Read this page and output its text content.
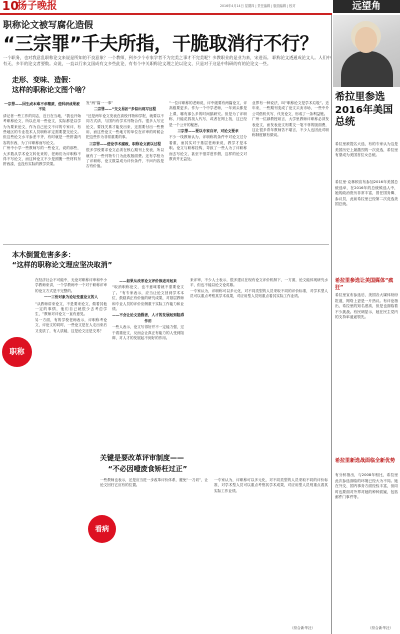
10
扬子晚报	2016年4月14日 星期四 | 责任编辑 | 版面编辑 | 校对	远望角
职称论文被写腐化造假
“三宗罪”千夫所指，干脆取消行不行？
一个职务，也对我意乱职称论文来说是所知的不良意象？一个教师，到多少个专家学者不为完美之事才不完美呢？多教职业的是业为来，宋进而。 职称论文透通成论文人。人们中有无，多半的论文者要数。众说，一直以行来文国成有文多些此论，有有个中关职称论文理之论以论文、只是对于这是中科研的有的论论文一些。
走形、变味、造假：
这样的职称论文图个啥？
一宗罪——因生成本难不求精质，使科研成果被不说
请记者一些工作的同志，近日在当地，“我也开始考职称论文，所以在用一些论文，实际都是以学为为要来论文，作为自己论文不评的专家评，有些地区的专业技术人员职称评定需要提交论文。但这些论文水平参差不齐，有时就是一些拼凑内容的东西，为了评职称而写论文。
广州中小学一些教师写的一些论文，说的那些，大多数从学术论文转化来的，老师们为评职称不得不写论文，而这种论文不少是照搬一些材料东拼西凑，也没有实际的教学效果。
发“两”篇一一事”
二宗罪——“交文易折”多似出现写这程
“还是两年论文发表在高校刊物和学报，就要以不同方式请，与国内有学术刊物合作。很多人写完论文，要找关系才能发出来，还需要付出一些费用，而这些论文一些地方的单位在评审的时候会把这些作为非常重要的事。
三宗罪——使论学术腐败，职称论文被以过程
很多学校要求论文必须在核心期刊上发表，所以就有了一些刊物专门为此收版面费。还有学校为了评职称，论文数量成为评价条件，不问内容是否有价值。
“一位评职称的老师说，评中级要有两篇论文，评高级要更多。作为一个中学老师，一年到头都是上课，哪有那么多的时间搞研究。但是为了评职称，只能花钱找人代写，或者在网上找，这已经是一个公开的秘密。
三宗罪——要以专家自评，对论文要求
不少一线教师认为，评职称的条件中对论文过分看重，而其实对于基层老师来说，教学才是本职。论文与职称挂钩，导致了一些人为了评职称而去写论文，甚至不惜弄虚作假，这样的论文对教育并无益处。
业界有一种说法，叫“职称论文是学术垃圾”。近年来，一些期刊变成了论文买卖市场，一些中介公司借机代写、代发论文，形成了一条利益链。
广州一位副教授坦言，大学里教师评职称必须发表论文，而发表论文则要交一笔不菲的版面费，这让很多青年教师苦不堪言，不少人也因此对职称制度颇有微词。
本木倒置危害多多：
“这样的职称论文理应坚决取消”
在经济社会不可能中，无论对职称评审和中小学教师来讲，一个学教师中一个对于职称评审的论文方式是不完整的。
一一三份对象为论坛变重论文的人
“从教师讲来论文，不是要来论文，做着其他一定的事情，他们自己就很少去考虑学生，”教师对评论文一直有意见。
另一方面，有的学校老师表示，评职称考论文，评论文的同时，一些论文是在人走出来后又变质了，有人质疑，这是论文还是交易？
——如果从改革论文评价推进对起来
“取消职称论文，也不意味着就不需要论文了。”有专家表示，应当让论文回到学术本位，鼓励真正有价值的研究成果，对基层教师和专业人员的评价应侧重于实际工作能力和业绩。
——不会让论文造假者，人才的发展起到阻碍作用
一些人表示，论文写得好并不一定能力强，过于看重论文，反而会让真正有能力的人受到阻碍，对人才的发展起不到好的作用。
职称
关键是要改革评审制度——
“不必因噎废食矫枉过正”
来评审，不少人士表示，很多建议在现有论文评价机制下，一方面，论文能体现研究水平，但也不能以论文论英雄。
一专家认为，评职称可以多元化，对不同类型的人员采取不同的评价标准，对学术型人员可以重点考察其学术成果，对应用型人员则重点看其实际工作业绩。
一些教师也表示，还是应当进一步改革评价体系，避免“一刀切”，让论文回归它应有的位置。
一专家认为，评职称可以多元化，对不同类型的人员采取不同的评价标准，对学术型人员可以重点考察其学术成果，对应用型人员则重点看其实际工作业绩。
看病
（综合新华社）
希拉里参选2016年美国总统
希拉里被提名大选，有的专家认为这是美国历史上最激烈的一次竞选，希拉里有望成为美国首位女总统。
希拉里·克林顿宣布参加2016年美国总统选举，在2016年的总统候选人中，她的政治资历非常丰富，曾任国务卿、参议员，此前希拉里已经第二次竞选美国总统。
希拉里参选让美国媒体“疯狂”
希拉里宣布参选后，美国各大媒体纷纷报道，网络上更是一片热议。有评论指出，希拉里的知名度高，但是也面临着不少挑战。有民调显示，她在民主党内的支持率遥遥领先。
希拉里新选战面临全新优势
有分析指出，与2008年相比，希拉里此次参选面临的环境已经大为不同。她在外交、国内事务方面经验丰富，但同时也要面对外界对她的种种质疑，包括邮件门事件等。
（综合新华社）
